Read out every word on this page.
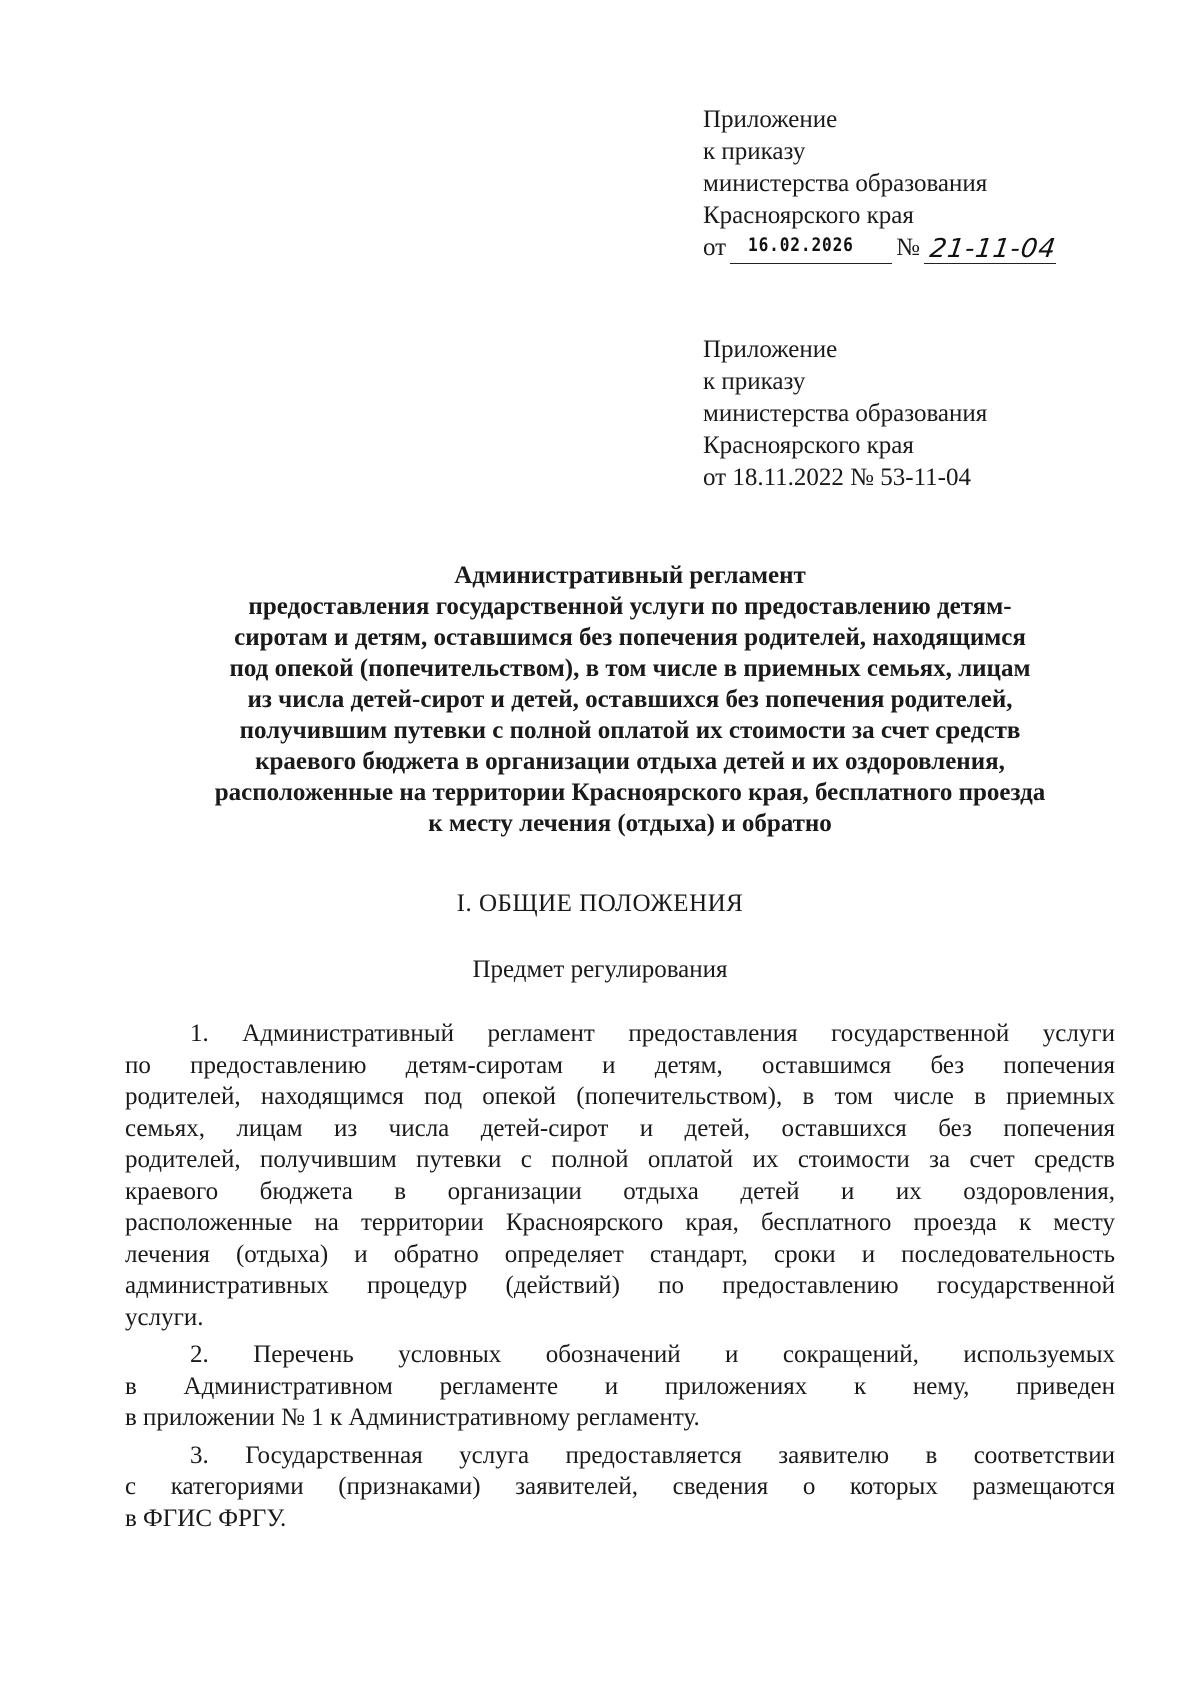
Приложение
к приказу
министерства образования
Красноярского края
от 16.02.2026 № 21-11-04
Приложение
к приказу
министерства образования
Красноярского края
от 18.11.2022 № 53-11-04
Административный регламент
предоставления государственной услуги по предоставлению детям-
сиротам и детям, оставшимся без попечения родителей, находящимся
под опекой (попечительством), в том числе в приемных семьях, лицам
из числа детей-сирот и детей, оставшихся без попечения родителей,
получившим путевки с полной оплатой их стоимости за счет средств
краевого бюджета в организации отдыха детей и их оздоровления,
расположенные на территории Красноярского края, бесплатного проезда
к месту лечения (отдыха) и обратно
I. ОБЩИЕ ПОЛОЖЕНИЯ
Предмет регулирования
1. Административный регламент предоставления государственной услуги
по предоставлению детям-сиротам и детям, оставшимся без попечения
родителей, находящимся под опекой (попечительством), в том числе в приемных
семьях, лицам из числа детей-сирот и детей, оставшихся без попечения
родителей, получившим путевки с полной оплатой их стоимости за счет средств
краевого бюджета в организации отдыха детей и их оздоровления,
расположенные на территории Красноярского края, бесплатного проезда к месту
лечения (отдыха) и обратно определяет стандарт, сроки и последовательность
административных процедур (действий) по предоставлению государственной
услуги.
2. Перечень условных обозначений и сокращений, используемых
в Административном регламенте и приложениях к нему, приведен
в приложении № 1 к Административному регламенту.
3. Государственная услуга предоставляется заявителю в соответствии
с категориями (признаками) заявителей, сведения о которых размещаются
в ФГИС ФРГУ.
